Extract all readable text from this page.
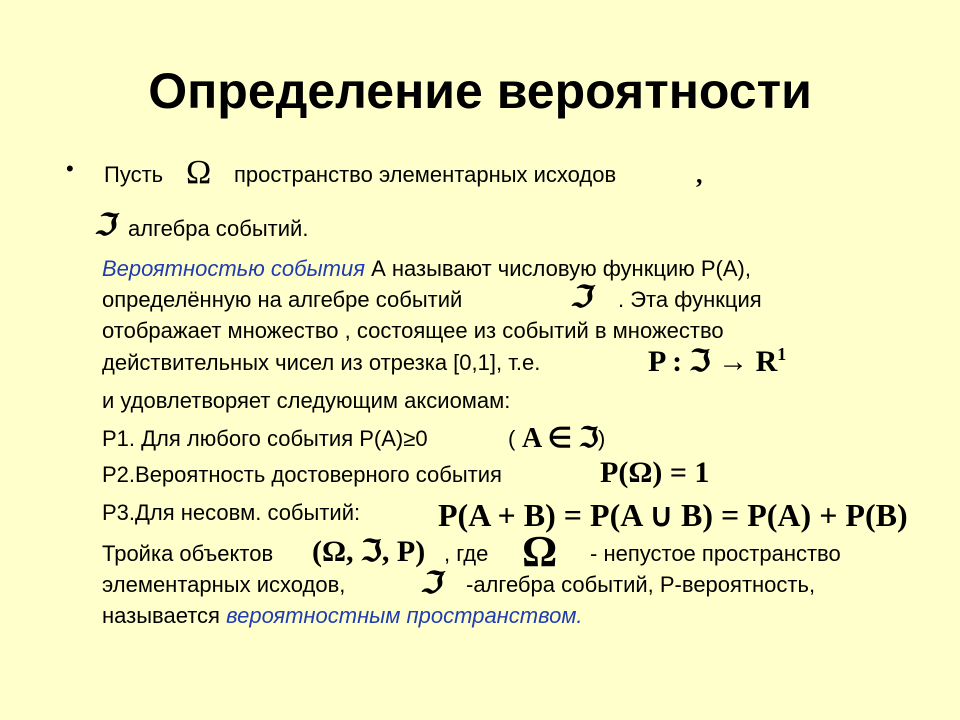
Определение вероятности
• Пусть Ω пространство элементарных исходов	,
ℑ алгебра событий.
Вероятностью события А называют числовую функцию Р(А),
определённую на алгебре событий	ℑ . Эта функция
отображает множество , состоящее из событий в множество
действительных чисел из отрезка [0,1], т.е.	P : ℑ → $R^1$
и удовлетворяет следующим аксиомам:
Р1. Для любого события Р(А)≥0	( A ∈ ℑ )
Р2.Вероятность достоверного события	P(Ω) = 1
Р3.Для несовм. событий: P(A + B) = P(A ∪ B) = P(A) + P(B)
Тройка объектов (Ω, ℑ, P) , где Ω - непустое пространство
элементарных исходов, ℑ -алгебра событий, Р-вероятность,
называется вероятностным пространством.
